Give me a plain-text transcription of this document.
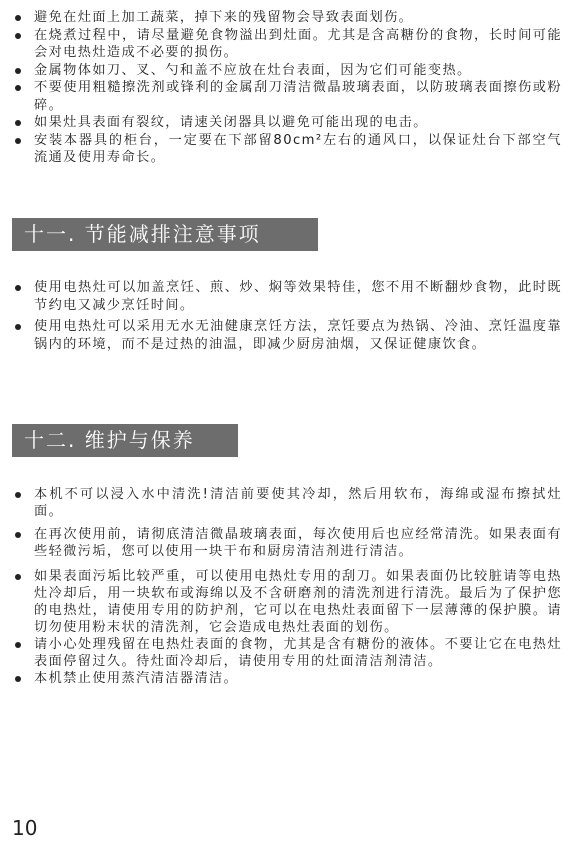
避免在灶面上加工蔬菜，掉下来的残留物会导致表面划伤。
在烧煮过程中，请尽量避免食物溢出到灶面。尤其是含高糖份的食物，长时间可能会对电热灶造成不必要的损伤。
金属物体如刀、叉、勺和盖不应放在灶台表面，因为它们可能变热。
不要使用粗糙擦洗剂或锋利的金属刮刀清洁微晶玻璃表面，以防玻璃表面擦伤或粉碎。
如果灶具表面有裂纹，请速关闭器具以避免可能出现的电击。
安装本器具的柜台，一定要在下部留80cm²左右的通风口，以保证灶台下部空气流通及使用寿命长。
十一. 节能减排注意事项
使用电热灶可以加盖烹饪、煎、炒、焖等效果特佳，您不用不断翻炒食物，此时既节约电又减少烹饪时间。
使用电热灶可以采用无水无油健康烹饪方法，烹饪要点为热锅、冷油、烹饪温度靠锅内的环境，而不是过热的油温，即减少厨房油烟，又保证健康饮食。
十二. 维护与保养
本机不可以浸入水中清洗!清洁前要使其冷却，然后用软布，海绵或湿布擦拭灶面。
在再次使用前，请彻底清洁微晶玻璃表面，每次使用后也应经常清洗。如果表面有些轻微污垢，您可以使用一块干布和厨房清洁剂进行清洁。
如果表面污垢比较严重，可以使用电热灶专用的刮刀。如果表面仍比较脏请等电热灶冷却后，用一块软布或海绵以及不含研磨剂的清洗剂进行清洗。最后为了保护您的电热灶，请使用专用的防护剂，它可以在电热灶表面留下一层薄薄的保护膜。请切勿使用粉末状的清洗剂，它会造成电热灶表面的划伤。
请小心处理残留在电热灶表面的食物，尤其是含有糖份的液体。不要让它在电热灶表面停留过久。待灶面冷却后，请使用专用的灶面清洁剂清洁。
本机禁止使用蒸汽清洁器清洁。
10
